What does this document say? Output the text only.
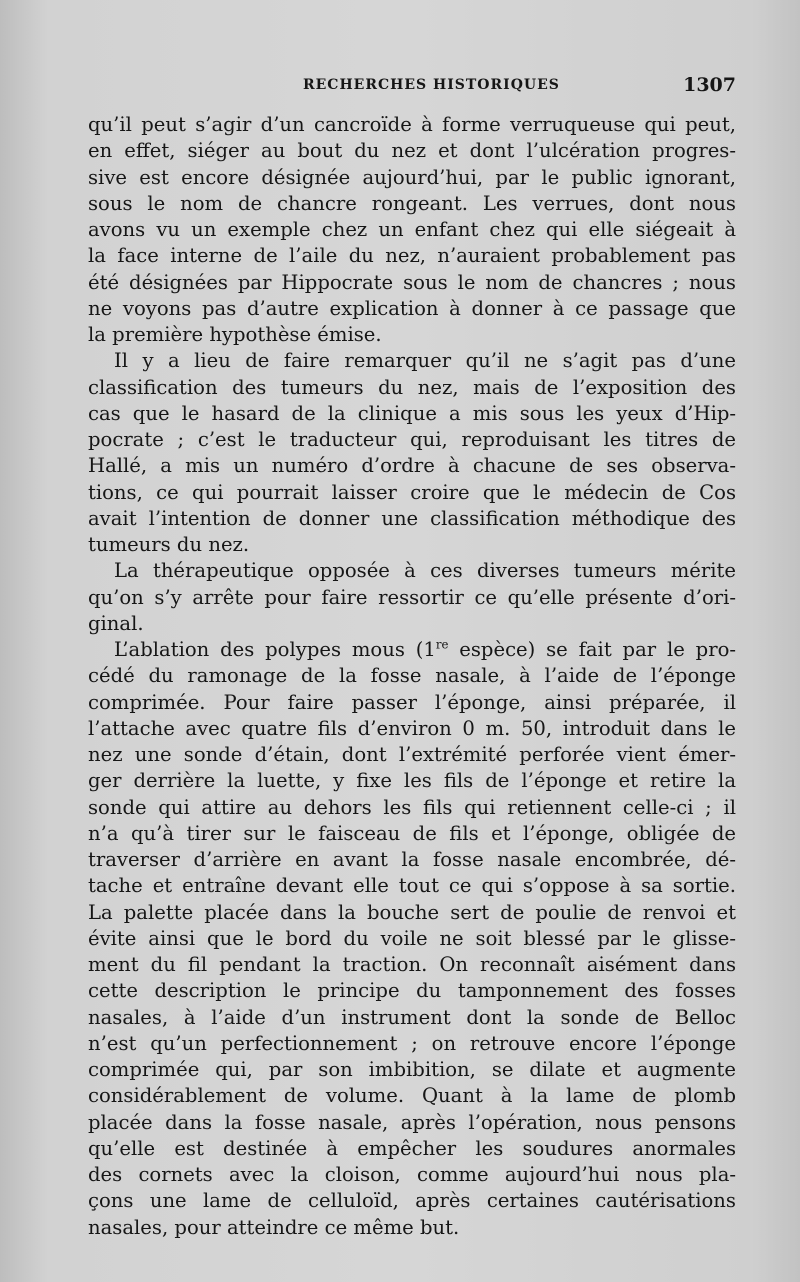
RECHERCHES HISTORIQUES	1307
qu’il peut s’agir d’un cancroïde à forme verruqueuse qui peut,
en effet, siéger au bout du nez et dont l’ulcération progres-
sive est encore désignée aujourd’hui, par le public ignorant,
sous le nom de chancre rongeant. Les verrues, dont nous
avons vu un exemple chez un enfant chez qui elle siégeait à
la face interne de l’aile du nez, n’auraient probablement pas
été désignées par Hippocrate sous le nom de chancres ; nous
ne voyons pas d’autre explication à donner à ce passage que
la première hypothèse émise.
Il y a lieu de faire remarquer qu’il ne s’agit pas d’une
classification des tumeurs du nez, mais de l’exposition des
cas que le hasard de la clinique a mis sous les yeux d’Hip-
pocrate ; c’est le traducteur qui, reproduisant les titres de
Hallé, a mis un numéro d’ordre à chacune de ses observa-
tions, ce qui pourrait laisser croire que le médecin de Cos
avait l’intention de donner une classification méthodique des
tumeurs du nez.
La thérapeutique opposée à ces diverses tumeurs mérite
qu’on s’y arrête pour faire ressortir ce qu’elle présente d’ori-
ginal.
L’ablation des polypes mous (1re espèce) se fait par le pro-
cédé du ramonage de la fosse nasale, à l’aide de l’éponge
comprimée. Pour faire passer l’éponge, ainsi préparée, il
l’attache avec quatre fils d’environ 0 m. 50, introduit dans le
nez une sonde d’étain, dont l’extrémité perforée vient émer-
ger derrière la luette, y fixe les fils de l’éponge et retire la
sonde qui attire au dehors les fils qui retiennent celle-ci ; il
n’a qu’à tirer sur le faisceau de fils et l’éponge, obligée de
traverser d’arrière en avant la fosse nasale encombrée, dé-
tache et entraîne devant elle tout ce qui s’oppose à sa sortie.
La palette placée dans la bouche sert de poulie de renvoi et
évite ainsi que le bord du voile ne soit blessé par le glisse-
ment du fil pendant la traction. On reconnaît aisément dans
cette description le principe du tamponnement des fosses
nasales, à l’aide d’un instrument dont la sonde de Belloc
n’est qu’un perfectionnement ; on retrouve encore l’éponge
comprimée qui, par son imbibition, se dilate et augmente
considérablement de volume. Quant à la lame de plomb
placée dans la fosse nasale, après l’opération, nous pensons
qu’elle est destinée à empêcher les soudures anormales
des cornets avec la cloison, comme aujourd’hui nous pla-
çons une lame de celluloïd, après certaines cautérisations
nasales, pour atteindre ce même but.
